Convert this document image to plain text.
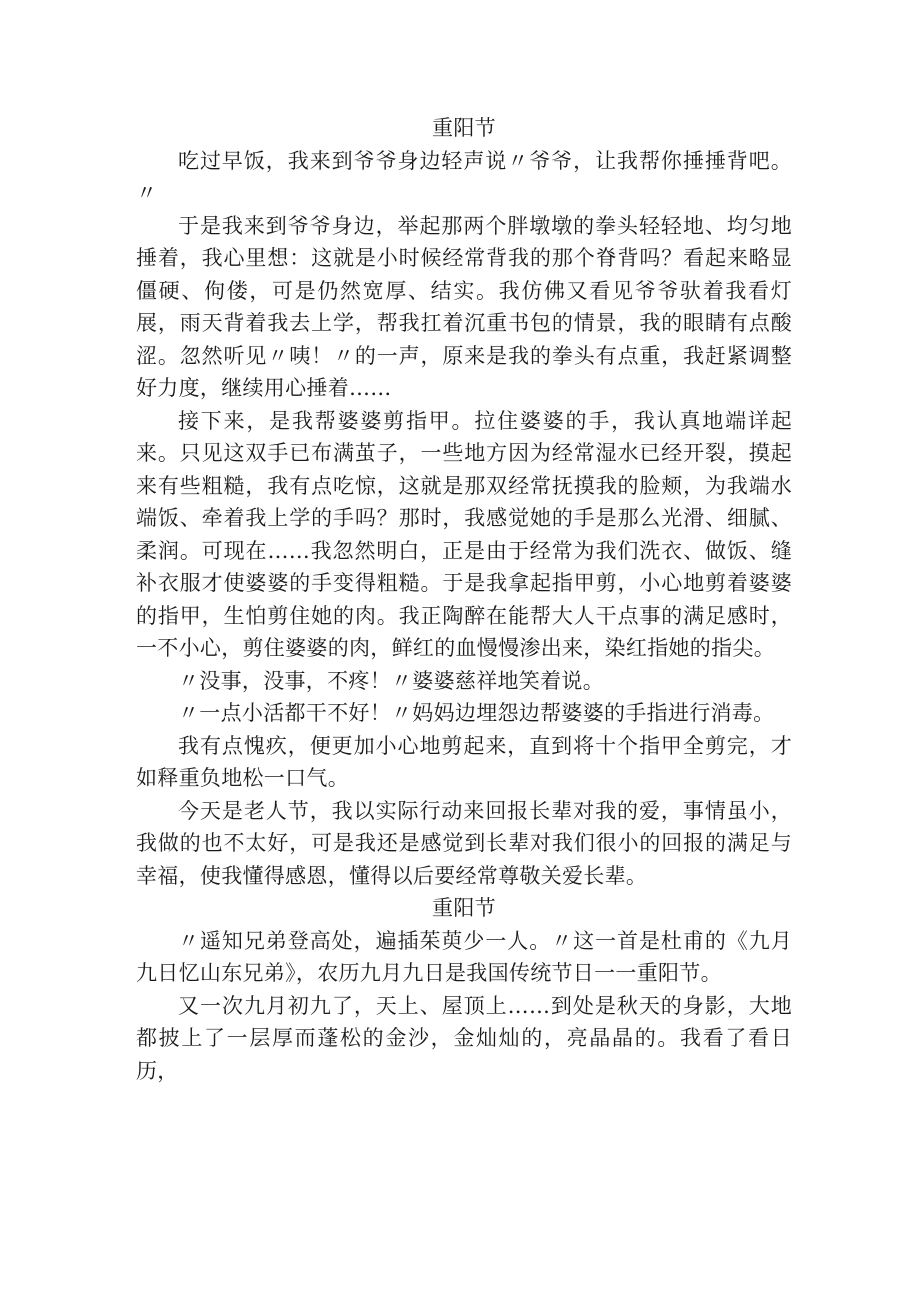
重阳节

吃过早饭，我来到爷爷身边轻声说〃爷爷，让我帮你捶捶背吧。〃

于是我来到爷爷身边，举起那两个胖墩墩的拳头轻轻地、均匀地捶着，我心里想：这就是小时候经常背我的那个脊背吗？看起来略显僵硬、佝偻，可是仍然宽厚、结实。我仿佛又看见爷爷驮着我看灯展，雨天背着我去上学，帮我扛着沉重书包的情景，我的眼睛有点酸涩。忽然听见〃咦！〃的一声，原来是我的拳头有点重，我赶紧调整好力度，继续用心捶着……

接下来，是我帮婆婆剪指甲。拉住婆婆的手，我认真地端详起来。只见这双手已布满茧子，一些地方因为经常湿水已经开裂，摸起来有些粗糙，我有点吃惊，这就是那双经常抚摸我的脸颊，为我端水端饭、牵着我上学的手吗？那时，我感觉她的手是那么光滑、细腻、柔润。可现在……我忽然明白，正是由于经常为我们洗衣、做饭、缝补衣服才使婆婆的手变得粗糙。于是我拿起指甲剪，小心地剪着婆婆的指甲，生怕剪住她的肉。我正陶醉在能帮大人干点事的满足感时，一不小心，剪住婆婆的肉，鲜红的血慢慢渗出来，染红指她的指尖。

〃没事，没事，不疼！〃婆婆慈祥地笑着说。

〃一点小活都干不好！〃妈妈边埋怨边帮婆婆的手指进行消毒。

我有点愧疚，便更加小心地剪起来，直到将十个指甲全剪完，才如释重负地松一口气。

今天是老人节，我以实际行动来回报长辈对我的爱，事情虽小，我做的也不太好，可是我还是感觉到长辈对我们很小的回报的满足与幸福，使我懂得感恩，懂得以后要经常尊敬关爱长辈。

重阳节

〃遥知兄弟登高处，遍插茱萸少一人。〃这一首是杜甫的《九月九日忆山东兄弟》，农历九月九日是我国传统节日一一重阳节。

又一次九月初九了，天上、屋顶上……到处是秋天的身影，大地都披上了一层厚而蓬松的金沙，金灿灿的，亮晶晶的。我看了看日历，
